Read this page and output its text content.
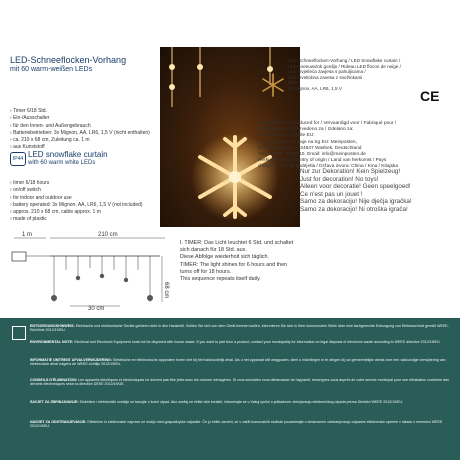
LED-Schneeflocken-Vorhang
mit 60 warm-weißen LEDs
› Timer 6/18 Std.
› Ein-/Ausschalter
› für den Innen- und Außengebrauch
› Batteriebetrieben: 3x Mignon, AA, LR6, 1,5 V (nicht enthalten)
› ca. 210 x 68 cm, Zuleitung ca. 1 m
› aus Kunststoff
IP44 LED snowflake curtain
with 60 warm white LEDs
› timer 6/18 hours
› on/off switch
› for indoor and outdoor use
› battery operated: 3x Mignon, AA, LR6, 1,5 V (not included)
› approx. 210 x 68 cm, cable approx. 1 m
› made of plastic
LED-Schneeflocken-Vorhang / LED Snowflake curtain /
LED sneeuwvlok gordijn / Rideau LED flocon de neige /
LED Svjetleća zavjesa s pahuljicama /
LED Svetlobna zavesa z snežinkami
9884
3x Mignon, AA, LR6, 1,5 V	CE
Hergestellt für / Produced for / Vervaardigd voor / Fabriqué pour /
EU Importeur / Proizvedeno za / Izdelano za:
Proizvedeno za tržište EU:
Proizvedeno za ih daje na trg EU: Meinposten,
Schmalenbrook 11, 24647 Wasbek, Deutschland
Tel.: 04321 - 9631010, Email: info@meinposten.de
Herkunftsland / Country of origin / Land van herkomst / Pays
d'origine / Zemlja podrijetla / Država izvora: China / Kina / Kitajska
Nur zur Dekoration! Kein Spielzeug!
Just for decoration! No toys!
Alleen voor decoratie! Geen speelgoed!
Ce n'est pas un jouet !
Samo za dekoraciju! Nije dječja igračka!
Samo za dekoracijo! Ni otroška igrača!
1 m	210 cm
30 cm
68 cm
I. TIMER: Das Licht leuchtet 6 Std. und schaltet
sich danach für 18 Std. aus.
Diese Abfolge wiederholt sich täglich.
TIMER: The light shines for 6 hours and then
turns off for 18 hours.
This sequence repeats itself daily.
ENTSORGUNGSHINWEIS: Elektrische und elektronische Geräte gehören nicht in den Hausmüll. Sollten Sie sich von dem Gerät trennen wollen, informieren Sie sich in Ihrer kommunalen Stelle über eine fachgerechte Entsorgung von Elektroschrott gemäß WEEE-Richtlinie 2012/19/EU.
ENVIRONMENTAL NOTE: Electrical and Electronic Equipment must not be disposed with house waste. If you want to part from a product, contact your municipality for information on legal disposal of electronic waste according to WEEE directive 2012/19/EU.
INFORMATIE OMTRENT AFVALVERWIJDERING: Elektrische en elektronische apparaten horen niet bij het huishoudelijk afval. Als u het apparaat wilt weggooien, dient u inlichtingen in te wingen bij uw gemeentelijke dienst over een vakkundige verwijdering van elektronisch afval volgens de WEEE-richtlijn 2012/19/EU.
CONSEILS D'ÉLIMINATION: Les appareils électriques et électroniques ne doivent pas être jetés avec les ordures ménagères. Si vous souhaitez vous débarrasser de l'appareil, renseignez-vous auprès de votre service municipal pour une élimination conforme des déchets électroniques selon la directive DEEE 2012/19/UE.
SAVJET ZA ZBRINJAVANJE: Električne i elektronički uređaje ne bacajte u kućni otpad. Ako uređaj ne želite više koristiti, informirajte se u Vašoj općini o prikladnom zbrinjavanju elektroničkog otpada prema Direktivi WEEE 2012/19/EU.
NASVET ZA ODSTRANJEVANJE: Električne in elektronske naprave ne sodijo med gospodinjske odpadke. Če jo želite zavreči, se v vaših komunalnih službah pozanimajte o strokovnem odstranjevanju odpadne elektronske opreme v skladu z smernico WEEE 2012/19/EU.
